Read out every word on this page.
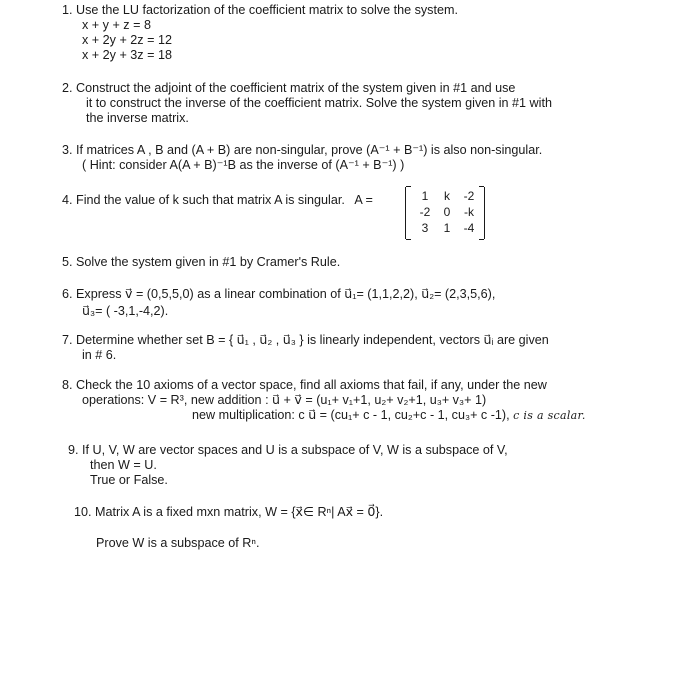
1. Use the LU factorization of the coefficient matrix to solve the system.
x + y + z = 8
x + 2y + 2z = 12
x + 2y + 3z = 18
2. Construct the adjoint of the coefficient matrix of the system given in #1 and use
it to construct the inverse of the coefficient matrix. Solve the system given in #1 with
the inverse matrix.
3. If matrices A , B and (A + B) are non-singular, prove (A⁻¹ + B⁻¹) is also non-singular.
( Hint: consider A(A + B)⁻¹B as the inverse of (A⁻¹ + B⁻¹) )
4. Find the value of k such that matrix A is singular. A =	1	k	-2
-2	0	-k
3	1	-4
5. Solve the system given in #1 by Cramer's Rule.
6. Express v⃗ = (0,5,5,0) as a linear combination of u⃗₁= (1,1,2,2), u⃗₂= (2,3,5,6),
u⃗₃= ( -3,1,-4,2).
7. Determine whether set B = { u⃗₁ , u⃗₂ , u⃗₃ } is linearly independent, vectors u⃗ᵢ are given
in # 6.
8. Check the 10 axioms of a vector space, find all axioms that fail, if any, under the new
operations: V = R³, new addition : u⃗ + v⃗ = (u₁+ v₁+1, u₂+ v₂+1, u₃+ v₃+ 1)
new multiplication: c u⃗ = (cu₁+ c - 1, cu₂+c - 1, cu₃+ c -1), c is a scalar.
9. If U, V, W are vector spaces and U is a subspace of V, W is a subspace of V,
then W = U.
True or False.
10. Matrix A is a fixed mxn matrix, W = {x⃗∈ Rⁿ| Ax⃗ = 0⃗}.
Prove W is a subspace of Rⁿ.
